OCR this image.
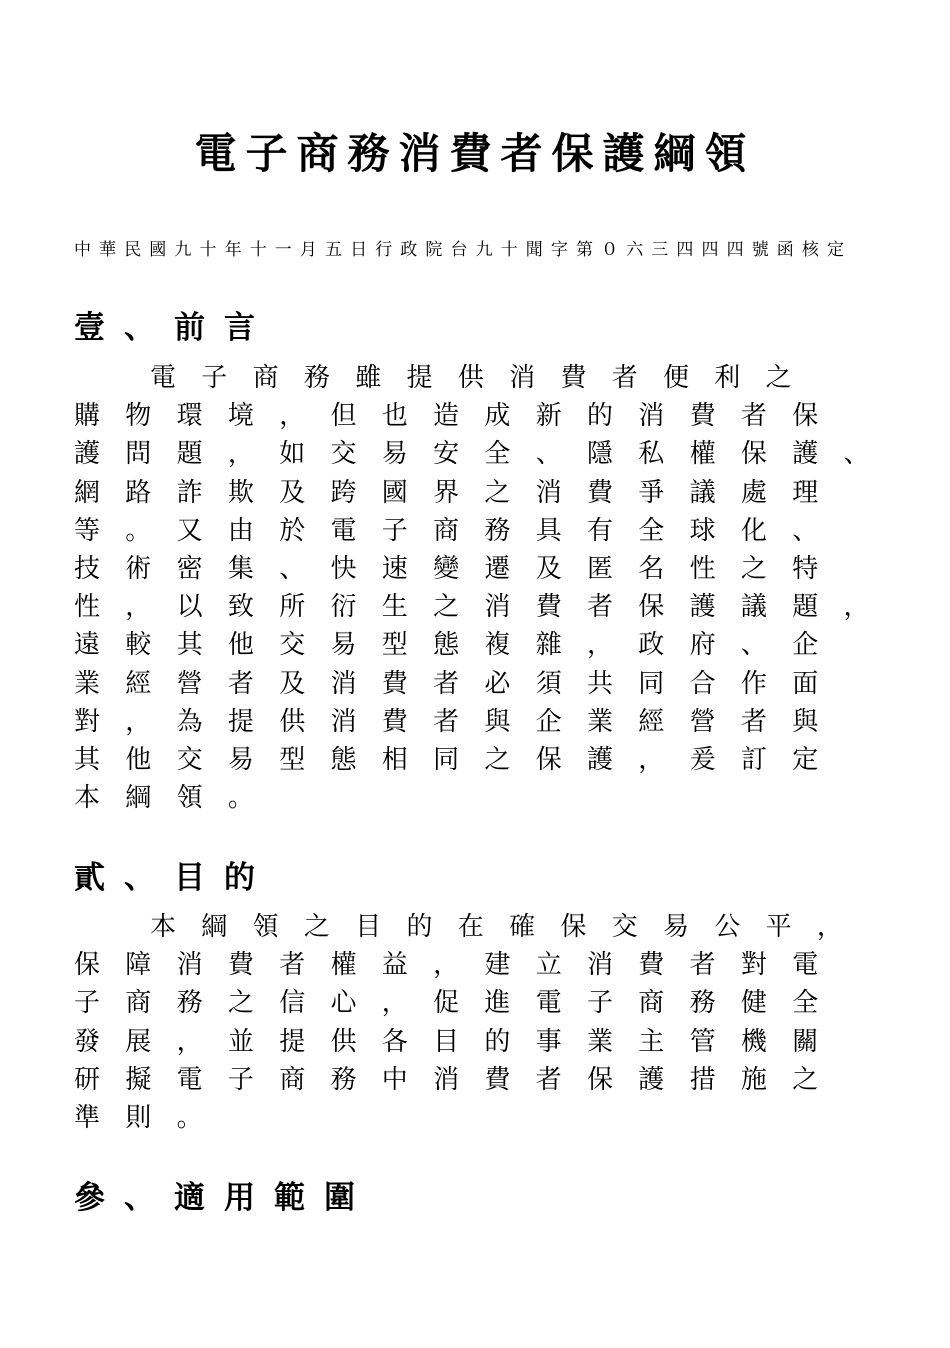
電子商務消費者保護綱領
中華民國九十年十一月五日行政院台九十聞字第０六三四四四號函核定
壹、前言
電子商務雖提供消費者便利之
購物環境，但也造成新的消費者保
護問題，如交易安全、隱私權保護、
網路詐欺及跨國界之消費爭議處理
等。又由於電子商務具有全球化、
技術密集、快速變遷及匿名性之特
性，以致所衍生之消費者保護議題，
遠較其他交易型態複雜，政府、企
業經營者及消費者必須共同合作面
對，為提供消費者與企業經營者與
其他交易型態相同之保護，爰訂定
本綱領。
貳、目的
本綱領之目的在確保交易公平，
保障消費者權益，建立消費者對電
子商務之信心，促進電子商務健全
發展，並提供各目的事業主管機關
研擬電子商務中消費者保護措施之
準則。
參、適用範圍
